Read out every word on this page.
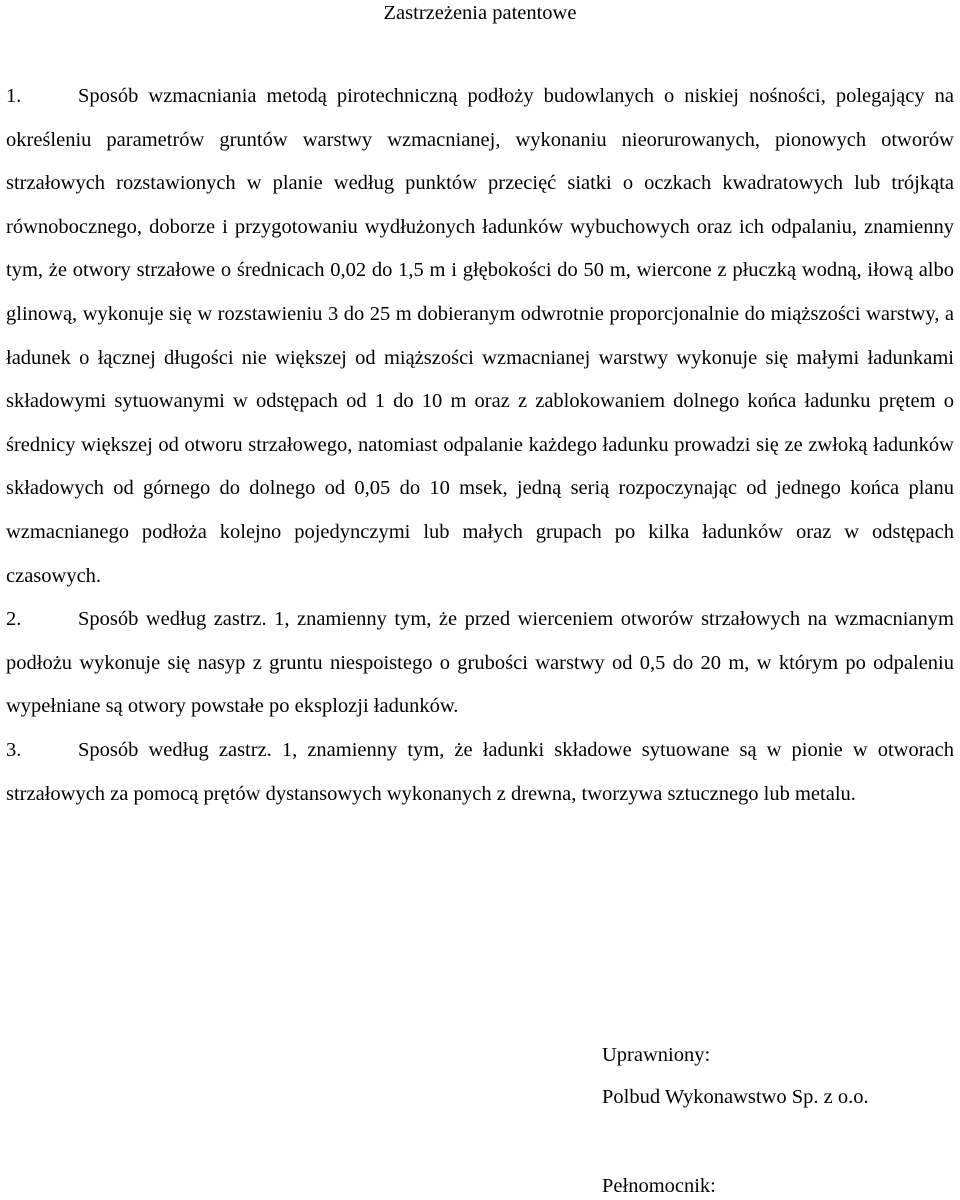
Zastrzeżenia patentowe

1.	Sposób wzmacniania metodą pirotechniczną podłoży budowlanych o niskiej nośności, polegający na określeniu parametrów gruntów warstwy wzmacnianej, wykonaniu nieorurowanych, pionowych otworów strzałowych rozstawionych w planie według punktów przecięć siatki o oczkach kwadratowych lub trójkąta równobocznego, doborze i przygotowaniu wydłużonych ładunków wybuchowych oraz ich odpalaniu, znamienny tym, że otwory strzałowe o średnicach 0,02 do 1,5 m i głębokości do 50 m, wiercone z płuczką wodną, iłową albo glinową, wykonuje się w rozstawieniu 3 do 25 m dobieranym odwrotnie proporcjonalnie do miąższości warstwy, a ładunek o łącznej długości nie większej od miąższości wzmacnianej warstwy wykonuje się małymi ładunkami składowymi sytuowanymi w odstępach od 1 do 10 m oraz z zablokowaniem dolnego końca ładunku prętem o średnicy większej od otworu strzałowego, natomiast odpalanie każdego ładunku prowadzi się ze zwłoką ładunków składowych od górnego do dolnego od 0,05 do 10 msek, jedną serią rozpoczynając od jednego końca planu wzmacnianego podłoża kolejno pojedynczymi lub małych grupach po kilka ładunków oraz w odstępach czasowych.

2.	Sposób według zastrz. 1, znamienny tym, że przed wierceniem otworów strzałowych na wzmacnianym podłożu wykonuje się nasyp z gruntu niespoistego o grubości warstwy od 0,5 do 20 m, w którym po odpaleniu wypełniane są otwory powstałe po eksplozji ładunków.

3.	Sposób według zastrz. 1, znamienny tym, że ładunki składowe sytuowane są w pionie w otworach strzałowych za pomocą prętów dystansowych wykonanych z drewna, tworzywa sztucznego lub metalu.

Uprawniony:
Polbud Wykonawstwo Sp. z o.o.
Pełnomocnik:
